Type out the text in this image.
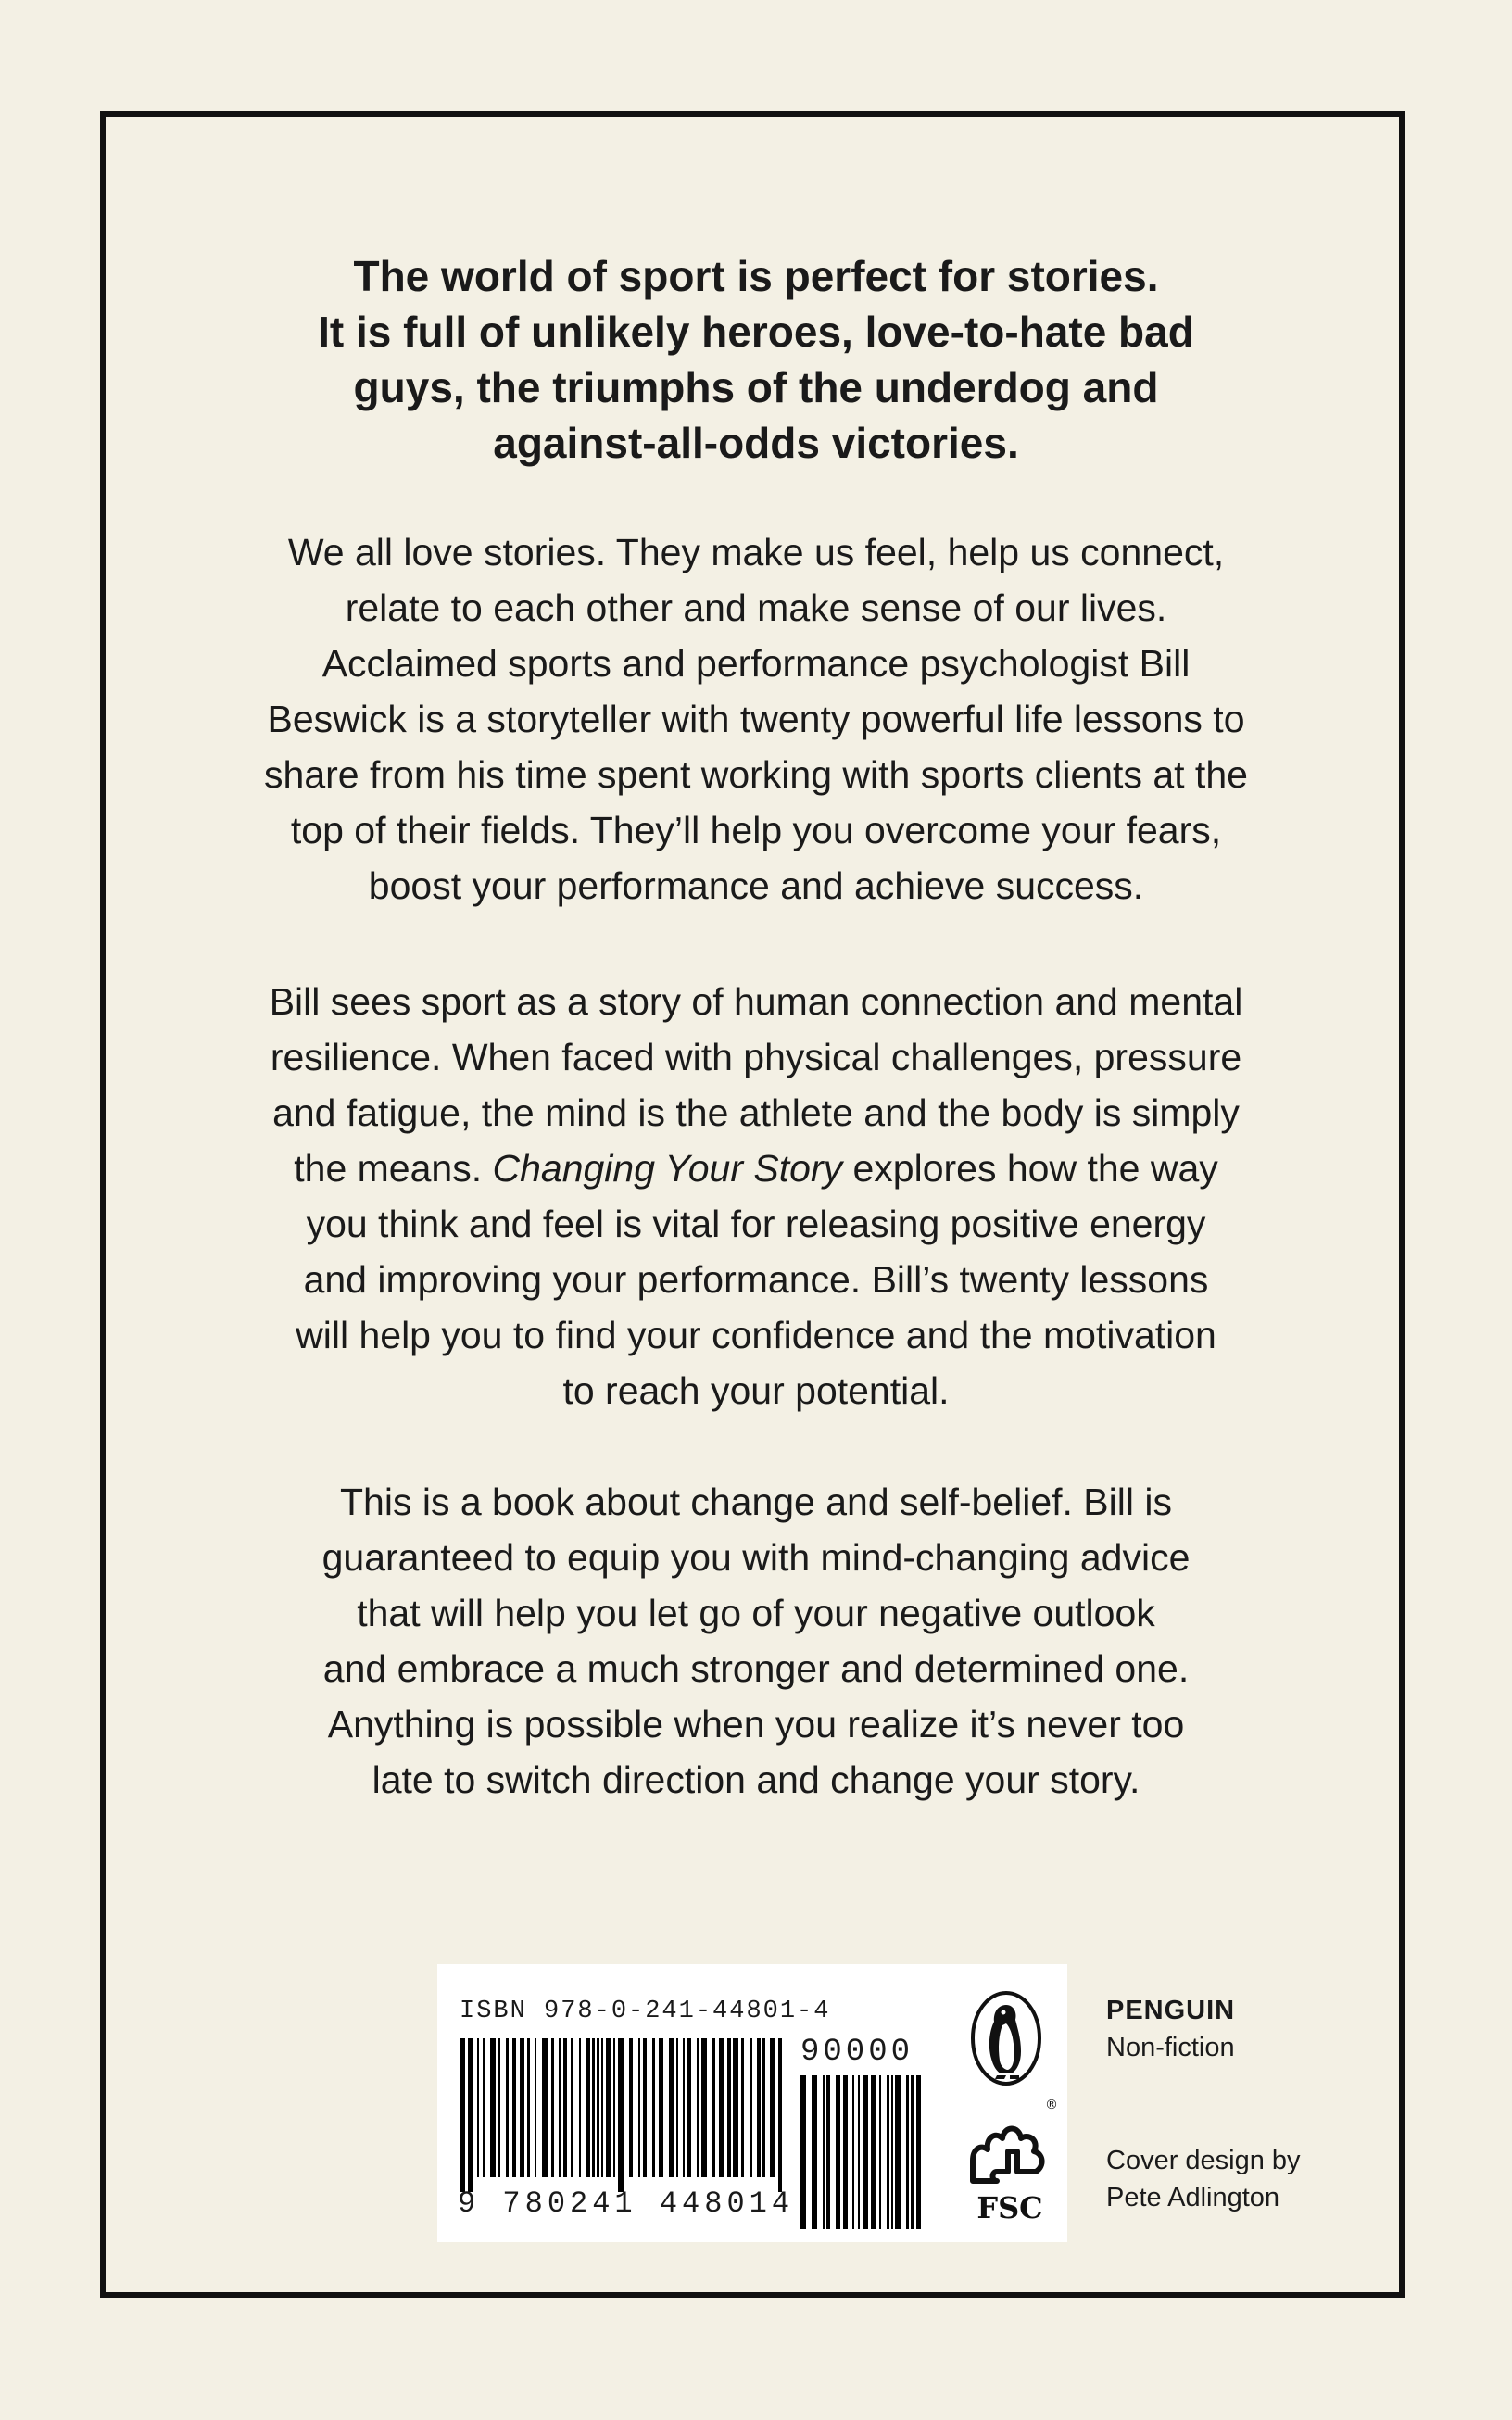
The world of sport is perfect for stories.
It is full of unlikely heroes, love-to-hate bad
guys, the triumphs of the underdog and
against-all-odds victories.
We all love stories. They make us feel, help us connect,
relate to each other and make sense of our lives.
Acclaimed sports and performance psychologist Bill
Beswick is a storyteller with twenty powerful life lessons to
share from his time spent working with sports clients at the
top of their fields. They’ll help you overcome your fears,
boost your performance and achieve success.
Bill sees sport as a story of human connection and mental
resilience. When faced with physical challenges, pressure
and fatigue, the mind is the athlete and the body is simply
the means. Changing Your Story explores how the way
you think and feel is vital for releasing positive energy
and improving your performance. Bill’s twenty lessons
will help you to find your confidence and the motivation
to reach your potential.
This is a book about change and self-belief. Bill is
guaranteed to equip you with mind-changing advice
that will help you let go of your negative outlook
and embrace a much stronger and determined one.
Anything is possible when you realize it’s never too
late to switch direction and change your story.
ISBN 978-0-241-44801-4
90000
9 780241 448014
®
FSC
PENGUIN
Non-fiction
Cover design by
Pete Adlington
